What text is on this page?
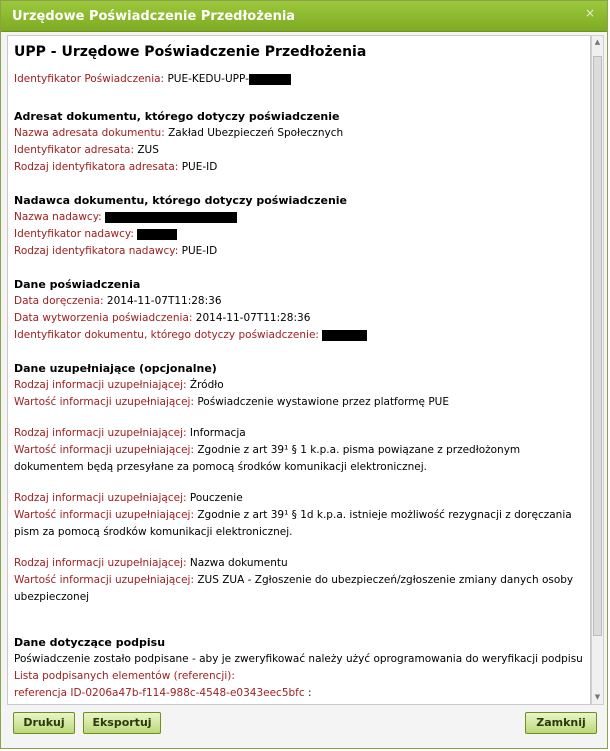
Urzędowe Poświadczenie Przedłożenia	×
UPP - Urzędowe Poświadczenie Przedłożenia
Identyfikator Poświadczenia: PUE-KEDU-UPP-
Adresat dokumentu, którego dotyczy poświadczenie
Nazwa adresata dokumentu: Zakład Ubezpieczeń Społecznych
Identyfikator adresata: ZUS
Rodzaj identyfikatora adresata: PUE-ID
Nadawca dokumentu, którego dotyczy poświadczenie
Nazwa nadawcy:
Identyfikator nadawcy:
Rodzaj identyfikatora nadawcy: PUE-ID
Dane poświadczenia
Data doręczenia: 2014-11-07T11:28:36
Data wytworzenia poświadczenia: 2014-11-07T11:28:36
Identyfikator dokumentu, którego dotyczy poświadczenie:
Dane uzupełniające (opcjonalne)
Rodzaj informacji uzupełniającej: Źródło
Wartość informacji uzupełniającej: Poświadczenie wystawione przez platformę PUE
Rodzaj informacji uzupełniającej: Informacja
Wartość informacji uzupełniającej: Zgodnie z art 39¹ § 1 k.p.a. pisma powiązane z przedłożonym
dokumentem będą przesyłane za pomocą środków komunikacji elektronicznej.
Rodzaj informacji uzupełniającej: Pouczenie
Wartość informacji uzupełniającej: Zgodnie z art 39¹ § 1d k.p.a. istnieje możliwość rezygnacji z doręczania
pism za pomocą środków komunikacji elektronicznej.
Rodzaj informacji uzupełniającej: Nazwa dokumentu
Wartość informacji uzupełniającej: ZUS ZUA - Zgłoszenie do ubezpieczeń/zgłoszenie zmiany danych osoby
ubezpieczonej
Dane dotyczące podpisu
Poświadczenie zostało podpisane - aby je zweryfikować należy użyć oprogramowania do weryfikacji podpisu
Lista podpisanych elementów (referencji):
referencja ID-0206a47b-f114-988c-4548-e0343eec5bfc :
▲
▼
Drukuj	Eksportuj	Zamknij
